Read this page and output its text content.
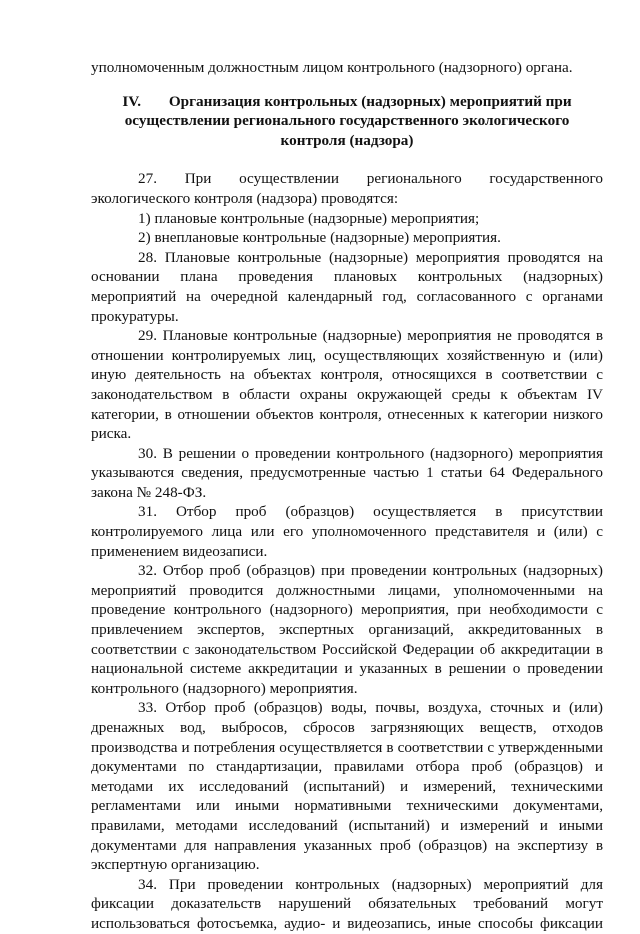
уполномоченным должностным лицом контрольного (надзорного) органа.

IV. Организация контрольных (надзорных) мероприятий при осуществлении регионального государственного экологического контроля (надзора)

27. При осуществлении регионального государственного экологического контроля (надзора) проводятся:

1) плановые контрольные (надзорные) мероприятия;

2) внеплановые контрольные (надзорные) мероприятия.

28. Плановые контрольные (надзорные) мероприятия проводятся на основании плана проведения плановых контрольных (надзорных) мероприятий на очередной календарный год, согласованного с органами прокуратуры.

29. Плановые контрольные (надзорные) мероприятия не проводятся в отношении контролируемых лиц, осуществляющих хозяйственную и (или) иную деятельность на объектах контроля, относящихся в соответствии с законодательством в области охраны окружающей среды к объектам IV категории, в отношении объектов контроля, отнесенных к категории низкого риска.

30. В решении о проведении контрольного (надзорного) мероприятия указываются сведения, предусмотренные частью 1 статьи 64 Федерального закона № 248-ФЗ.

31. Отбор проб (образцов) осуществляется в присутствии контролируемого лица или его уполномоченного представителя и (или) с применением видеозаписи.

32. Отбор проб (образцов) при проведении контрольных (надзорных) мероприятий проводится должностными лицами, уполномоченными на проведение контрольного (надзорного) мероприятия, при необходимости с привлечением экспертов, экспертных организаций, аккредитованных в соответствии с законодательством Российской Федерации об аккредитации в национальной системе аккредитации и указанных в решении о проведении контрольного (надзорного) мероприятия.

33. Отбор проб (образцов) воды, почвы, воздуха, сточных и (или) дренажных вод, выбросов, сбросов загрязняющих веществ, отходов производства и потребления осуществляется в соответствии с утвержденными документами по стандартизации, правилами отбора проб (образцов) и методами их исследований (испытаний) и измерений, техническими регламентами или иными нормативными техническими документами, правилами, методами исследований (испытаний) и измерений и иными документами для направления указанных проб (образцов) на экспертизу в экспертную организацию.

34. При проведении контрольных (надзорных) мероприятий для фиксации доказательств нарушений обязательных требований могут использоваться фотосъемка, аудио- и видеозапись, иные способы фиксации
